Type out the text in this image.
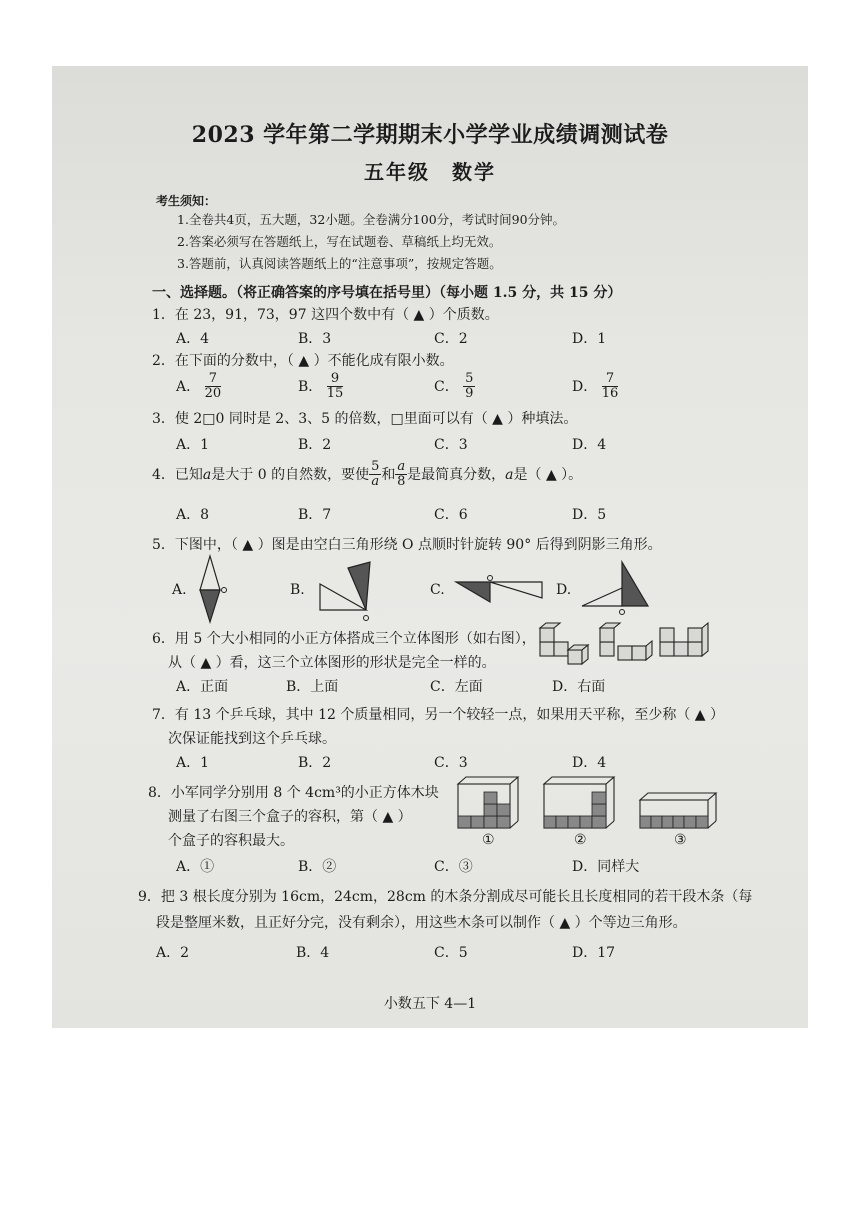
2023 学年第二学期期末小学学业成绩调测试卷
五年级　数学
考生须知：
1.全卷共4页，五大题，32小题。全卷满分100分，考试时间90分钟。
2.答案必须写在答题纸上，写在试题卷、草稿纸上均无效。
3.答题前，认真阅读答题纸上的“注意事项”，按规定答题。
一、选择题。（将正确答案的序号填在括号里）（每小题 1.5 分，共 15 分）
1．在 23，91，73，97 这四个数中有（ ▲ ）个质数。
A．4	B．3	C．2	D．1
2．在下面的分数中，（ ▲ ）不能化成有限小数。
A． $\frac{7}{20}$	B． $\frac{9}{15}$	C． $\frac{5}{9}$	D． $\frac{7}{16}$
3．使 2□0 同时是 2、3、5 的倍数，□里面可以有（ ▲ ）种填法。
A．1	B．2	C．3	D．4
4．已知a是大于 0 的自然数，要使 $\frac{5}{a}$和 $\frac{a}{8}$ 是最简真分数，a是（ ▲ ）。
A．8	B．7	C．6	D．5
5．下图中，（ ▲ ）图是由空白三角形绕 O 点顺时针旋转 90° 后得到阴影三角形。
A.	B.	C.	D.
6．用 5 个大小相同的小正方体搭成三个立体图形（如右图），
从（ ▲ ）看，这三个立体图形的形状是完全一样的。
A．正面	B．上面	C．左面	D．右面
7．有 13 个乒乓球，其中 12 个质量相同，另一个较轻一点，如果用天平称，至少称（ ▲ ）
次保证能找到这个乒乓球。
A．1	B．2	C．3	D．4
8．小军同学分别用 8 个 4cm³的小正方体木块
测量了右图三个盒子的容积，第（ ▲ ）
个盒子的容积最大。
A．①	B．②	C．③	D．同样大
①	②	③
9．把 3 根长度分别为 16cm，24cm，28cm 的木条分割成尽可能长且长度相同的若干段木条（每
段是整厘米数，且正好分完，没有剩余），用这些木条可以制作（ ▲ ）个等边三角形。
A．2	B．4	C．5	D．17
小数五下 4—1
